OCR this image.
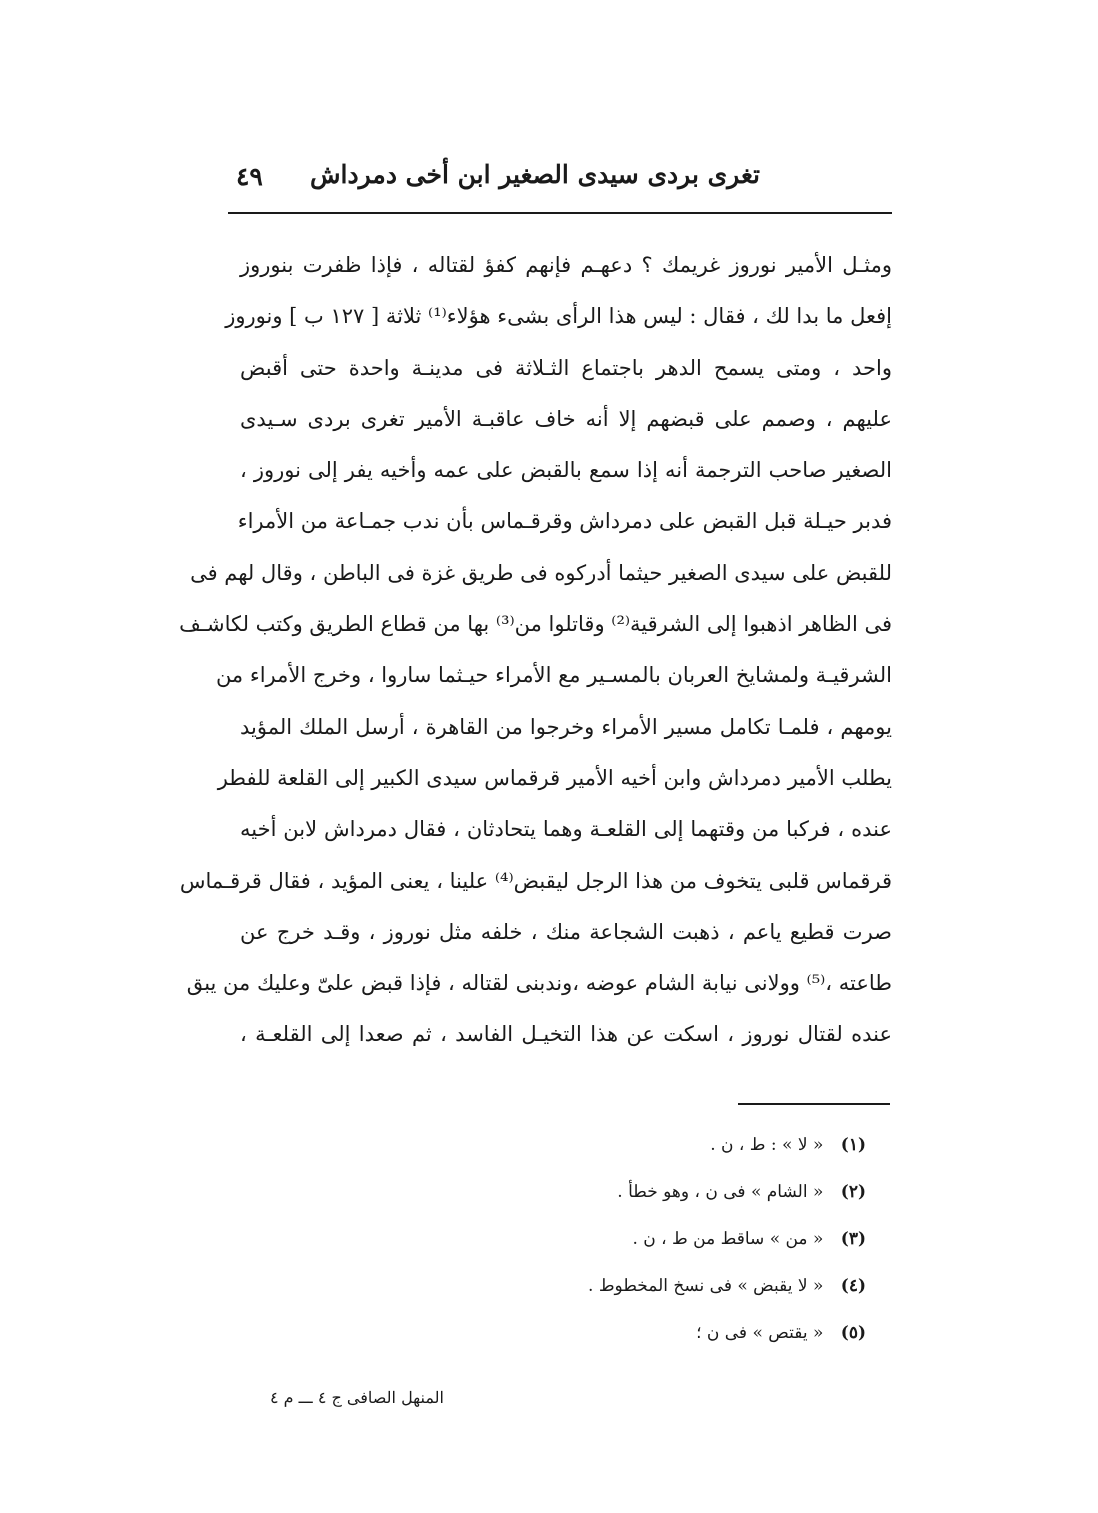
تغرى بردى سيدى الصغير ابن أخى دمرداش
٤٩
ومثـل الأمير نوروز غريمك ؟ دعهـم فإنهم كفؤ لقتاله ، فإذا ظفرت بنوروز
إفعل ما بدا لك ، فقال : ليس هذا الرأى بشىء هؤلاء⁽¹⁾ ثلاثة [ ١٢٧ ب ] ونوروز
واحد ، ومتى يسمح الدهر باجتماع الثـلاثة فى مدينـة واحدة حتى أقبض
عليهم ، وصمم على قبضهم إلا أنه خاف عاقبـة الأمير تغرى بردى سـيدى
الصغير صاحب الترجمة أنه إذا سمع بالقبض على عمه وأخيه يفر إلى نوروز ،
فدبر حيـلة قبل القبض على دمرداش وقرقـماس بأن ندب جمـاعة من الأمراء
للقبض على سيدى الصغير حيثما أدركوه فى طريق غزة فى الباطن ، وقال لهم فى
فى الظاهر اذهبوا إلى الشرقية⁽²⁾ وقاتلوا من⁽³⁾ بها من قطاع الطريق وكتب لكاشـف
الشرقيـة ولمشايخ العربان بالمسـير مع الأمراء حيـثما ساروا ، وخرج الأمراء من
يومهم ، فلمـا تكامل مسير الأمراء وخرجوا من القاهرة ، أرسل الملك المؤيد
يطلب الأمير دمرداش وابن أخيه الأمير قرقماس سيدى الكبير إلى القلعة للفطر
عنده ، فركبا من وقتهما إلى القلعـة وهما يتحادثان ، فقال دمرداش لابن أخيه
قرقماس قلبى يتخوف من هذا الرجل ليقبض⁽⁴⁾ علينا ، يعنى المؤيد ، فقال قرقـماس
صرت قطيع ياعم ، ذهبت الشجاعة منك ، خلفه مثل نوروز ، وقـد خرج عن
طاعته ،⁽⁵⁾ وولانى نيابة الشام عوضه ،وندبنى لقتاله ، فإذا قبض علىّ وعليك من يبق
عنده لقتال نوروز ، اسكت عن هذا التخيـل الفاسد ، ثم صعدا إلى القلعـة ،
(١) « لا » : ط ، ن .
(٢) « الشام » فى ن ، وهو خطأ .
(٣) « من » ساقط من ط ، ن .
(٤) « لا يقبض » فى نسخ المخطوط .
(٥) « يقتص » فى ن ؛
المنهل الصافى ج ٤ ـــ م ٤
